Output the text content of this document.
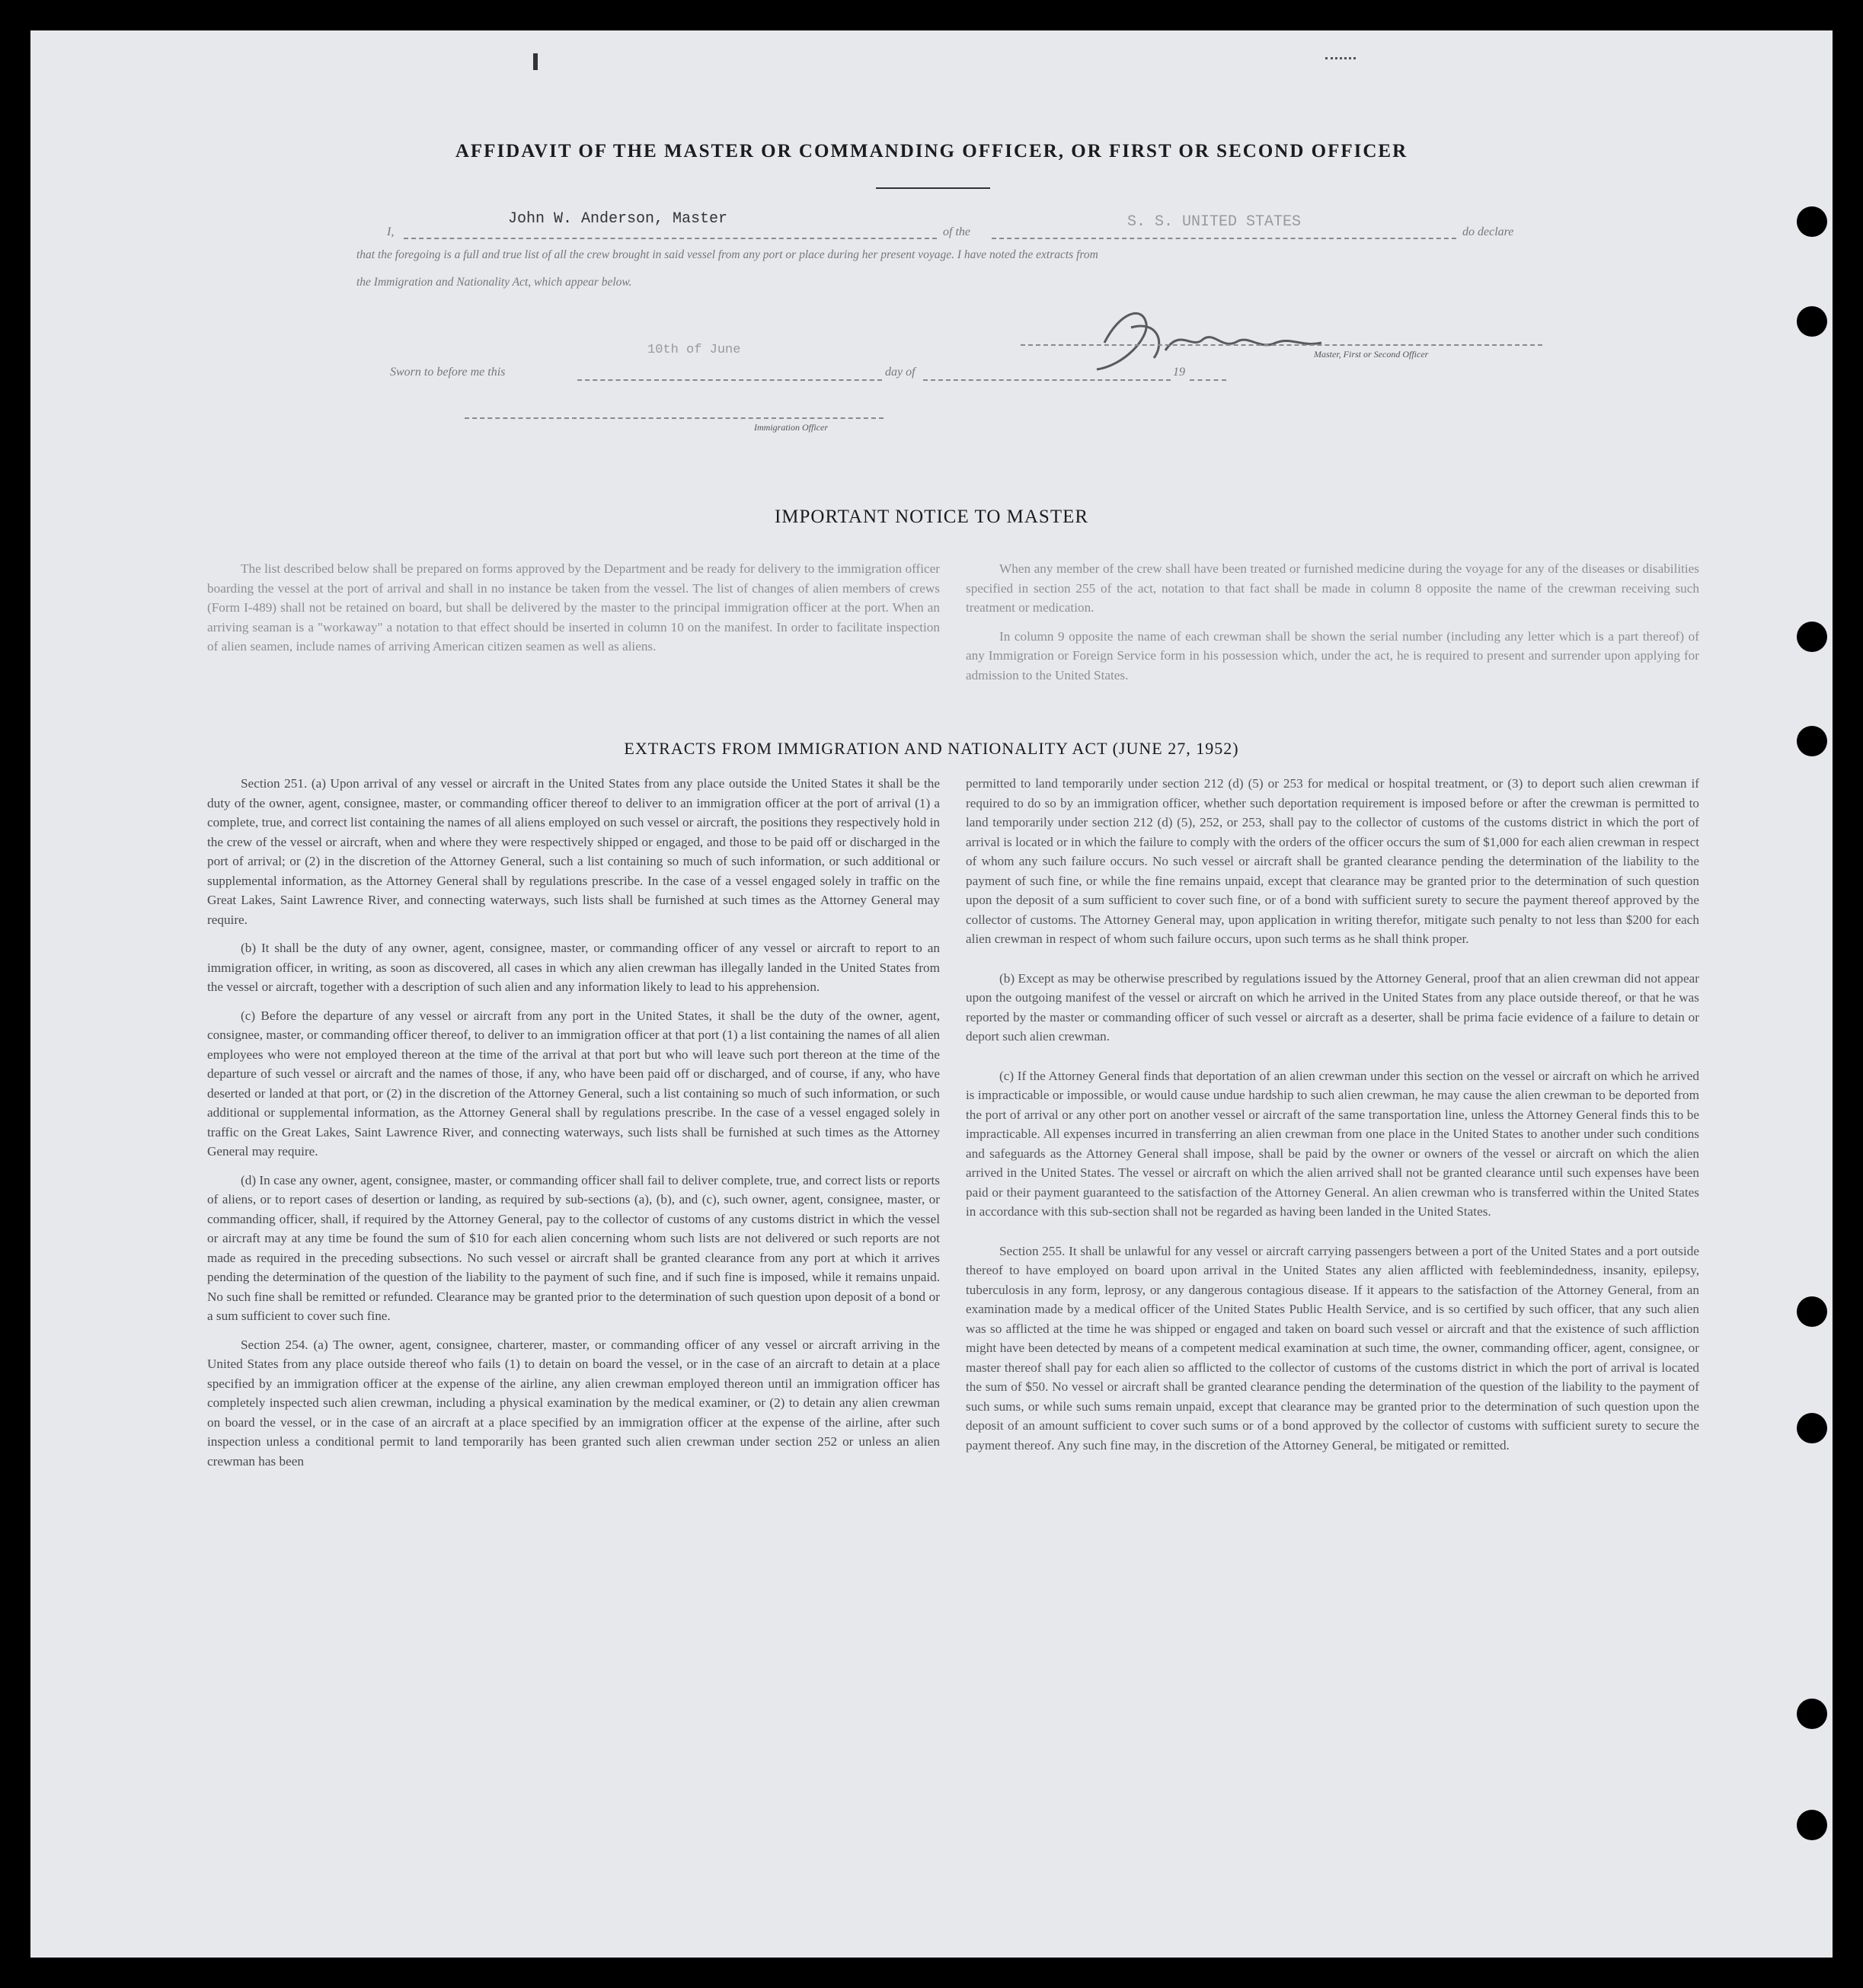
AFFIDAVIT OF THE MASTER OR COMMANDING OFFICER, OR FIRST OR SECOND OFFICER
I,
John W. Anderson, Master
of the
S. S. UNITED STATES
do declare
that the foregoing is a full and true list of all the crew brought in said vessel from any port or place during her present voyage. I have noted the extracts from
the Immigration and Nationality Act, which appear below.
Master, First or Second Officer
Sworn to before me this
10th of June
day of	19
Immigration Officer
IMPORTANT NOTICE TO MASTER

The list described below shall be prepared on forms approved by the Department and be ready for delivery to the immigration officer boarding the vessel at the port of arrival and shall in no instance be taken from the vessel. The list of changes of alien members of crews (Form I-489) shall not be retained on board, but shall be delivered by the master to the principal immigration officer at the port. When an arriving seaman is a "workaway" a notation to that effect should be inserted in column 10 on the manifest. In order to facilitate inspection of alien seamen, include names of arriving American citizen seamen as well as aliens.

When any member of the crew shall have been treated or furnished medicine during the voyage for any of the diseases or disabilities specified in section 255 of the act, notation to that fact shall be made in column 8 opposite the name of the crewman receiving such treatment or medication.

In column 9 opposite the name of each crewman shall be shown the serial number (including any letter which is a part thereof) of any Immigration or Foreign Service form in his possession which, under the act, he is required to present and surrender upon applying for admission to the United States.

EXTRACTS FROM IMMIGRATION AND NATIONALITY ACT (JUNE 27, 1952)

Section 251. (a) Upon arrival of any vessel or aircraft in the United States from any place outside the United States it shall be the duty of the owner, agent, consignee, master, or commanding officer thereof to deliver to an immigration officer at the port of arrival (1) a complete, true, and correct list containing the names of all aliens employed on such vessel or aircraft, the positions they respectively hold in the crew of the vessel or aircraft, when and where they were respectively shipped or engaged, and those to be paid off or discharged in the port of arrival; or (2) in the discretion of the Attorney General, such a list containing so much of such information, or such additional or supplemental information, as the Attorney General shall by regulations prescribe. In the case of a vessel engaged solely in traffic on the Great Lakes, Saint Lawrence River, and connecting waterways, such lists shall be furnished at such times as the Attorney General may require.

(b) It shall be the duty of any owner, agent, consignee, master, or commanding officer of any vessel or aircraft to report to an immigration officer, in writing, as soon as discovered, all cases in which any alien crewman has illegally landed in the United States from the vessel or aircraft, together with a description of such alien and any information likely to lead to his apprehension.

(c) Before the departure of any vessel or aircraft from any port in the United States, it shall be the duty of the owner, agent, consignee, master, or commanding officer thereof, to deliver to an immigration officer at that port (1) a list containing the names of all alien employees who were not employed thereon at the time of the arrival at that port but who will leave such port thereon at the time of the departure of such vessel or aircraft and the names of those, if any, who have been paid off or discharged, and of course, if any, who have deserted or landed at that port, or (2) in the discretion of the Attorney General, such a list containing so much of such information, or such additional or supplemental information, as the Attorney General shall by regulations prescribe. In the case of a vessel engaged solely in traffic on the Great Lakes, Saint Lawrence River, and connecting waterways, such lists shall be furnished at such times as the Attorney General may require.

(d) In case any owner, agent, consignee, master, or commanding officer shall fail to deliver complete, true, and correct lists or reports of aliens, or to report cases of desertion or landing, as required by sub-sections (a), (b), and (c), such owner, agent, consignee, master, or commanding officer, shall, if required by the Attorney General, pay to the collector of customs of any customs district in which the vessel or aircraft may at any time be found the sum of $10 for each alien concerning whom such lists are not delivered or such reports are not made as required in the preceding subsections. No such vessel or aircraft shall be granted clearance from any port at which it arrives pending the determination of the question of the liability to the payment of such fine, and if such fine is imposed, while it remains unpaid. No such fine shall be remitted or refunded. Clearance may be granted prior to the determination of such question upon deposit of a bond or a sum sufficient to cover such fine.

Section 254. (a) The owner, agent, consignee, charterer, master, or commanding officer of any vessel or aircraft arriving in the United States from any place outside thereof who fails (1) to detain on board the vessel, or in the case of an aircraft to detain at a place specified by an immigration officer at the expense of the airline, any alien crewman employed thereon until an immigration officer has completely inspected such alien crewman, including a physical examination by the medical examiner, or (2) to detain any alien crewman on board the vessel, or in the case of an aircraft at a place specified by an immigration officer at the expense of the airline, after such inspection unless a conditional permit to land temporarily has been granted such alien crewman under section 252 or unless an alien crewman has been

permitted to land temporarily under section 212 (d) (5) or 253 for medical or hospital treatment, or (3) to deport such alien crewman if required to do so by an immigration officer, whether such deportation requirement is imposed before or after the crewman is permitted to land temporarily under section 212 (d) (5), 252, or 253, shall pay to the collector of customs of the customs district in which the port of arrival is located or in which the failure to comply with the orders of the officer occurs the sum of $1,000 for each alien crewman in respect of whom any such failure occurs. No such vessel or aircraft shall be granted clearance pending the determination of the liability to the payment of such fine, or while the fine remains unpaid, except that clearance may be granted prior to the determination of such question upon the deposit of a sum sufficient to cover such fine, or of a bond with sufficient surety to secure the payment thereof approved by the collector of customs. The Attorney General may, upon application in writing therefor, mitigate such penalty to not less than $200 for each alien crewman in respect of whom such failure occurs, upon such terms as he shall think proper.

(b) Except as may be otherwise prescribed by regulations issued by the Attorney General, proof that an alien crewman did not appear upon the outgoing manifest of the vessel or aircraft on which he arrived in the United States from any place outside thereof, or that he was reported by the master or commanding officer of such vessel or aircraft as a deserter, shall be prima facie evidence of a failure to detain or deport such alien crewman.

(c) If the Attorney General finds that deportation of an alien crewman under this section on the vessel or aircraft on which he arrived is impracticable or impossible, or would cause undue hardship to such alien crewman, he may cause the alien crewman to be deported from the port of arrival or any other port on another vessel or aircraft of the same transportation line, unless the Attorney General finds this to be impracticable. All expenses incurred in transferring an alien crewman from one place in the United States to another under such conditions and safeguards as the Attorney General shall impose, shall be paid by the owner or owners of the vessel or aircraft on which the alien arrived in the United States. The vessel or aircraft on which the alien arrived shall not be granted clearance until such expenses have been paid or their payment guaranteed to the satisfaction of the Attorney General. An alien crewman who is transferred within the United States in accordance with this sub-section shall not be regarded as having been landed in the United States.

Section 255. It shall be unlawful for any vessel or aircraft carrying passengers between a port of the United States and a port outside thereof to have employed on board upon arrival in the United States any alien afflicted with feeblemindedness, insanity, epilepsy, tuberculosis in any form, leprosy, or any dangerous contagious disease. If it appears to the satisfaction of the Attorney General, from an examination made by a medical officer of the United States Public Health Service, and is so certified by such officer, that any such alien was so afflicted at the time he was shipped or engaged and taken on board such vessel or aircraft and that the existence of such affliction might have been detected by means of a competent medical examination at such time, the owner, commanding officer, agent, consignee, or master thereof shall pay for each alien so afflicted to the collector of customs of the customs district in which the port of arrival is located the sum of $50. No vessel or aircraft shall be granted clearance pending the determination of the question of the liability to the payment of such sums, or while such sums remain unpaid, except that clearance may be granted prior to the determination of such question upon the deposit of an amount sufficient to cover such sums or of a bond approved by the collector of customs with sufficient surety to secure the payment thereof. Any such fine may, in the discretion of the Attorney General, be mitigated or remitted.
